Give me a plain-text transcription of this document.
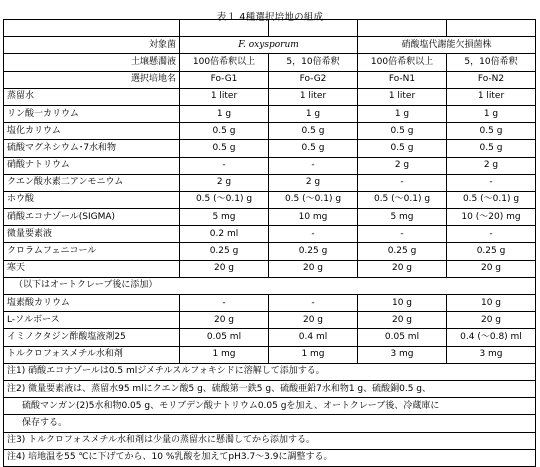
表１ 4種選択培地の組成

対象菌	F. oxysporum		硝酸塩代謝能欠損菌株	
土壌懸濁液	100倍希釈以上	5，10倍希釈	100倍希釈以上	5，10倍希釈
選択培地名	Fo-G1	Fo-G2	Fo-N1	Fo-N2
蒸留水	1 liter	1 liter	1 liter	1 liter
リン酸一カリウム	1 g	1 g	1 g	1 g
塩化カリウム	0.5 g	0.5 g	0.5 g	0.5 g
硫酸マグネシウム･7水和物	0.5 g	0.5 g	0.5 g	0.5 g
硝酸ナトリウム	-	-	2 g	2 g
クエン酸水素二アンモニウム	2 g	2 g	-	-
ホウ酸	0.5 (～0.1) g	0.5 (～0.1) g	0.5 (～0.1) g	0.5 (～0.1) g
硝酸エコナゾール(SIGMA)	5 mg	10 mg	5 mg	10 (～20) mg
微量要素液	0.2 ml	-	-	-
クロラムフェニコール	0.25 g	0.25 g	0.25 g	0.25 g
寒天	20 g	20 g	20 g	20 g
（以下はオートクレーブ後に添加）				
塩素酸カリウム	-	-	10 g	10 g
L-ソルボース	20 g	20 g	20 g	20 g
イミノクタジン酢酸塩液剤25	0.05 ml	0.4 ml	0.05 ml	0.4 (～0.8) ml
トルクロフォスメチル水和剤	1 mg	1 mg	3 mg	3 mg
注1) 硝酸エコナゾールは0.5 mlジメチルスルフォキシドに溶解して添加する。				
注2) 微量要素液は、蒸留水95 mlにクエン酸5 g、硫酸第一鉄5 g、硫酸亜鉛7水和物1 g、硫酸銅0.5 g、				
硫酸マンガン(2)5水和物0.05 g、モリブデン酸ナトリウム0.05 gを加え、オートクレーブ後、冷蔵庫に				
保存する。				
注3) トルクロフォスメチル水和剤は少量の蒸留水に懸濁してから添加する。				
注4) 培地温を55 ℃に下げてから、10 %乳酸を加えてpH3.7～3.9に調整する。				
